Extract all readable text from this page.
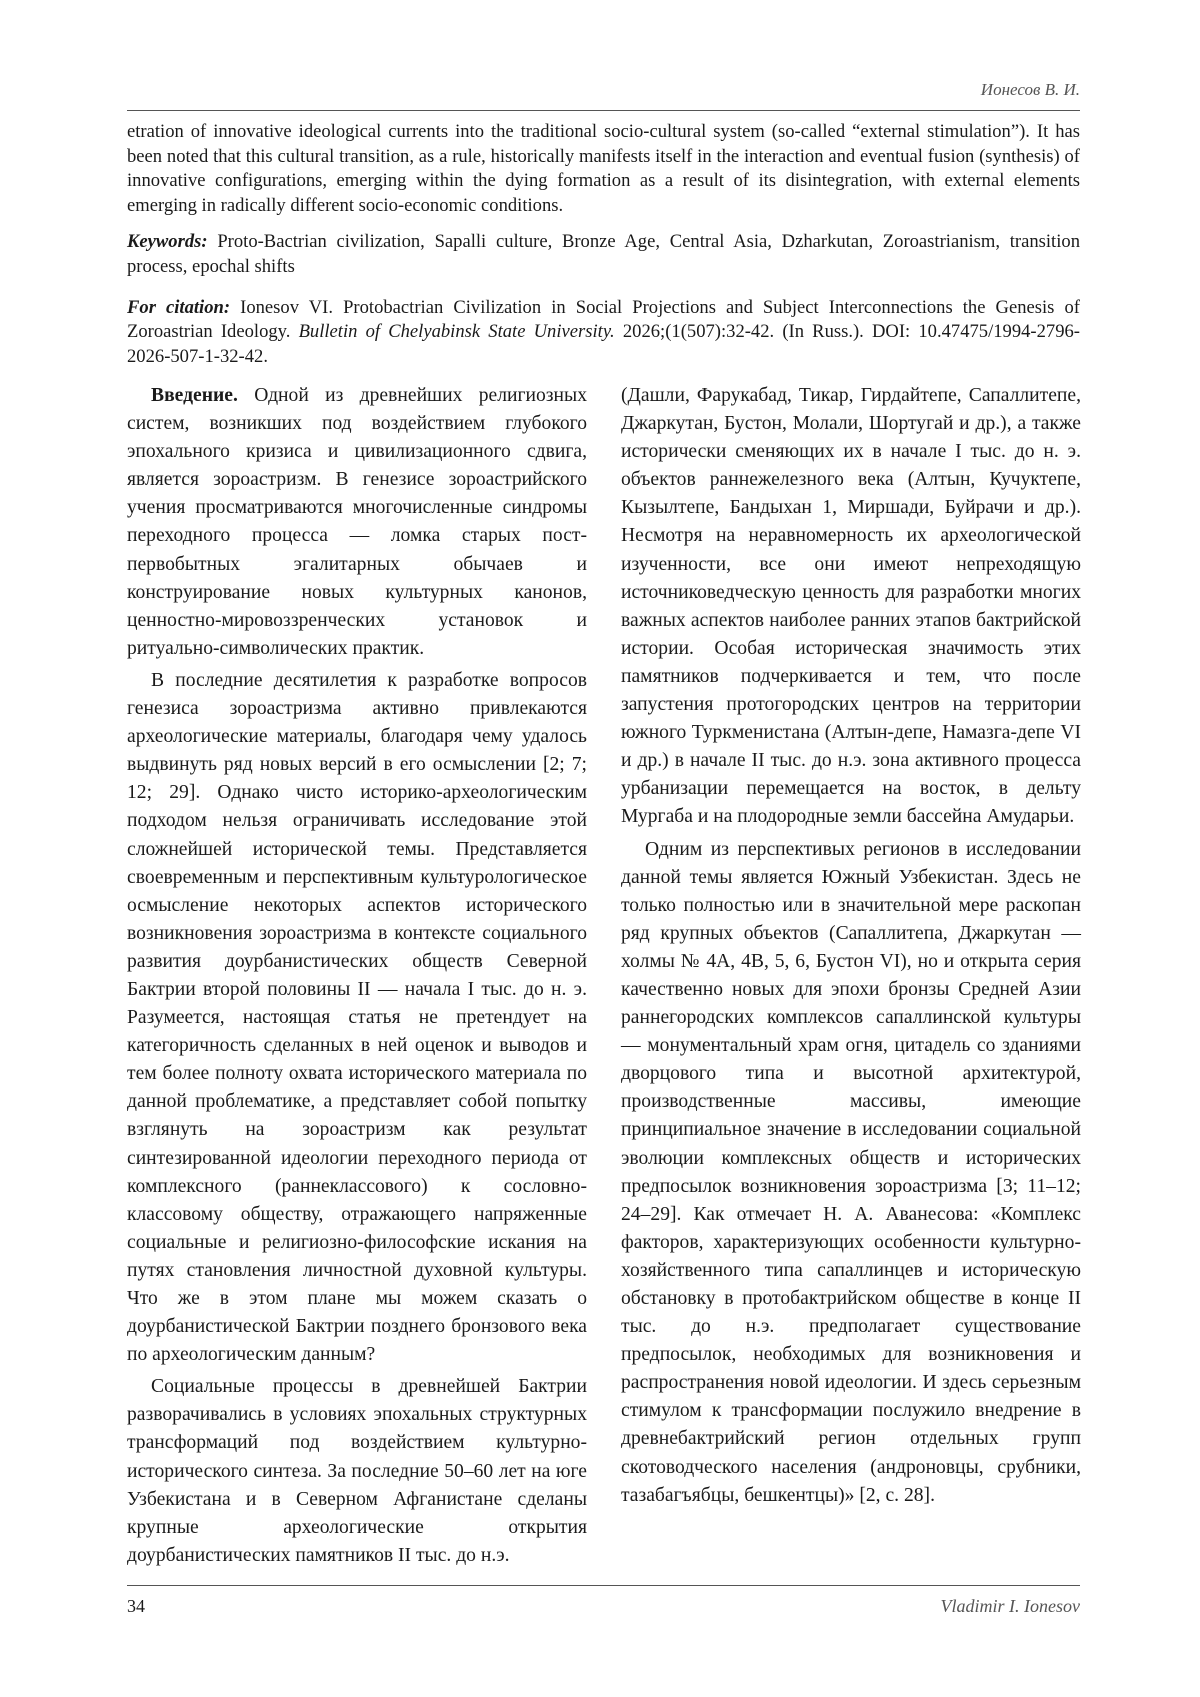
Ионесов В. И.

etration of innovative ideological currents into the traditional socio-cultural system (so-called “external stimulation”). It has been noted that this cultural transition, as a rule, historically manifests itself in the interaction and eventual fusion (synthesis) of innovative configurations, emerging within the dying formation as a result of its disintegration, with external elements emerging in radically different socio-economic conditions.

Keywords: Proto-Bactrian civilization, Sapalli culture, Bronze Age, Central Asia, Dzharkutan, Zoroastrianism, transition process, epochal shifts

For citation: Ionesov VI. Protobactrian Civilization in Social Projections and Subject Interconnections the Genesis of Zoroastrian Ideology. Bulletin of Chelyabinsk State University. 2026;(1(507):32-42. (In Russ.). DOI: 10.47475/1994-2796-2026-507-1-32-42.

Введение. Одной из древнейших религиозных систем, возникших под воздействием глубокого эпохального кризиса и цивилизационного сдвига, является зороастризм. В генезисе зороастрийского учения просматриваются многочисленные синдромы переходного процесса — ломка старых пост-первобытных эгалитарных обычаев и конструирование новых культурных канонов, ценностно-мировоззренческих установок и ритуально-символических практик.

В последние десятилетия к разработке вопросов генезиса зороастризма активно привлекаются археологические материалы, благодаря чему удалось выдвинуть ряд новых версий в его осмыслении [2; 7; 12; 29]. Однако чисто историко-археологическим подходом нельзя ограничивать исследование этой сложнейшей исторической темы. Представляется своевременным и перспективным культурологическое осмысление некоторых аспектов исторического возникновения зороастризма в контексте социального развития доурбанистических обществ Северной Бактрии второй половины II — начала I тыс. до н. э. Разумеется, настоящая статья не претендует на категоричность сделанных в ней оценок и выводов и тем более полноту охвата исторического материала по данной проблематике, а представляет собой попытку взглянуть на зороастризм как результат синтезированной идеологии переходного периода от комплексного (раннеклассового) к сословно-классовому обществу, отражающего напряженные социальные и религиозно-философские искания на путях становления личностной духовной культуры. Что же в этом плане мы можем сказать о доурбанистической Бактрии позднего бронзового века по археологическим данным?

Социальные процессы в древнейшей Бактрии разворачивались в условиях эпохальных структурных трансформаций под воздействием культурно-исторического синтеза. За последние 50–60 лет на юге Узбекистана и в Северном Афганистане сделаны крупные археологические открытия доурбанистических памятников II тыс. до н.э.

(Дашли, Фарукабад, Тикар, Гирдайтепе, Сапаллитепе, Джаркутан, Бустон, Молали, Шортугай и др.), а также исторически сменяющих их в начале I тыс. до н. э. объектов раннежелезного века (Алтын, Кучуктепе, Кызылтепе, Бандыхан 1, Миршади, Буйрачи и др.). Несмотря на неравномерность их археологической изученности, все они имеют непреходящую источниковедческую ценность для разработки многих важных аспектов наиболее ранних этапов бактрийской истории. Особая историческая значимость этих памятников подчеркивается и тем, что после запустения протогородских центров на территории южного Туркменистана (Алтын-депе, Намазга-депе VI и др.) в начале II тыс. до н.э. зона активного процесса урбанизации перемещается на восток, в дельту Мургаба и на плодородные земли бассейна Амударьи.

Одним из перспективых регионов в исследовании данной темы является Южный Узбекистан. Здесь не только полностью или в значительной мере раскопан ряд крупных объектов (Сапаллитепа, Джаркутан — холмы № 4А, 4В, 5, 6, Бустон VI), но и открыта серия качественно новых для эпохи бронзы Средней Азии раннегородских комплексов сапаллинской культуры — монументальный храм огня, цитадель со зданиями дворцового типа и высотной архитектурой, производственные массивы, имеющие принципиальное значение в исследовании социальной эволюции комплексных обществ и исторических предпосылок возникновения зороастризма [3; 11–12; 24–29]. Как отмечает Н. А. Аванесова: «Комплекс факторов, характеризующих особенности культурно-хозяйственного типа сапаллинцев и историческую обстановку в протобактрийском обществе в конце II тыс. до н.э. предполагает существование предпосылок, необходимых для возникновения и распространения новой идеологии. И здесь серьезным стимулом к трансформации послужило внедрение в древнебактрийский регион отдельных групп скотоводческого населения (андроновцы, срубники, тазабагъябцы, бешкентцы)» [2, с. 28].

34	Vladimir I. Ionesov
